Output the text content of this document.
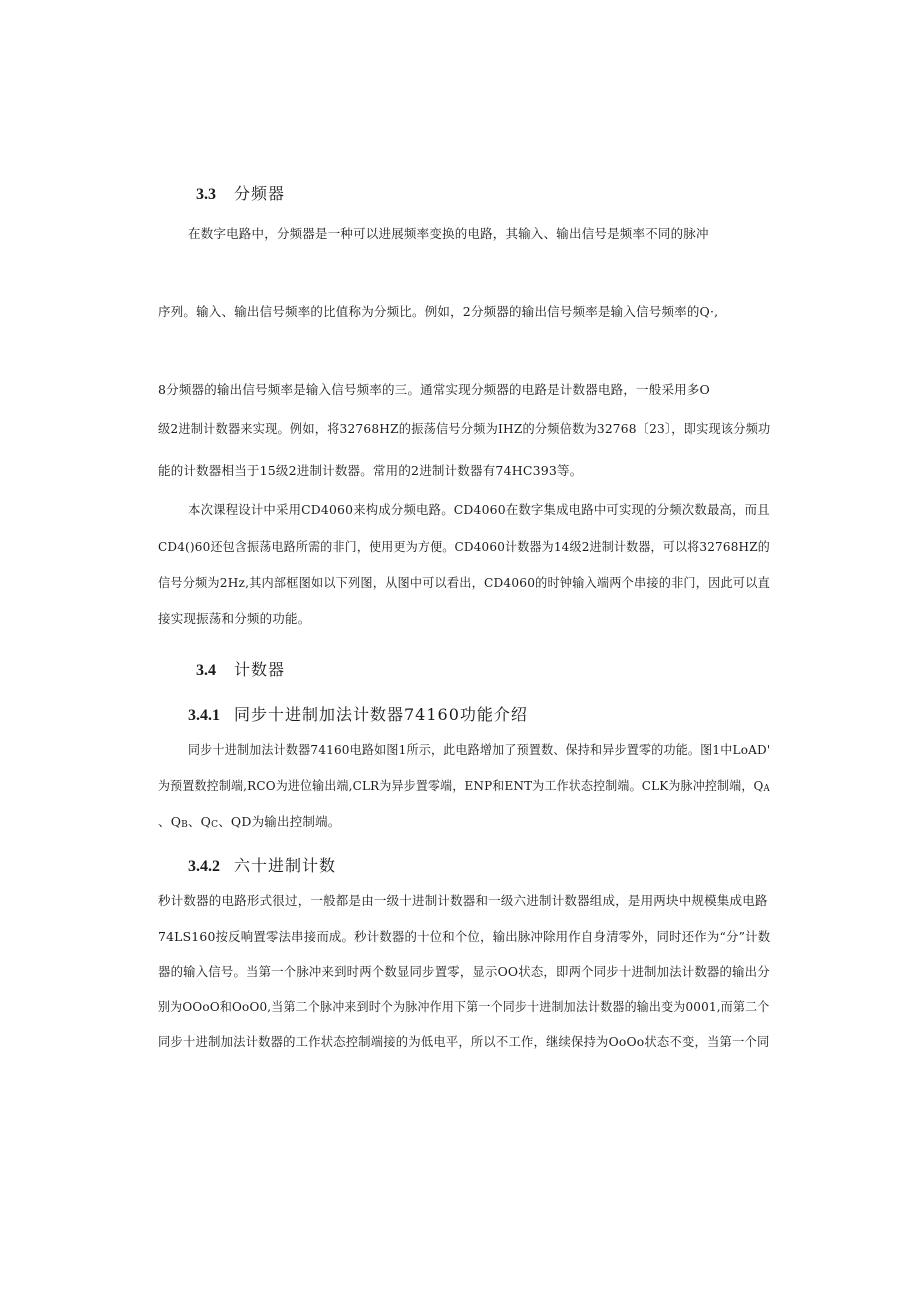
3.3 分频器
在数字电路中，分频器是一种可以进展频率变换的电路，其输入、输出信号是频率不同的脉冲
序列。输入、输出信号频率的比值称为分频比。例如，2分频器的输出信号频率是输入信号频率的Q·,
8分频器的输出信号频率是输入信号频率的三。通常实现分频器的电路是计数器电路，一般采用多O
级2进制计数器来实现。例如，将32768HZ的振荡信号分频为IHZ的分频倍数为32768〔23〕，即实现该分频功
能的计数器相当于15级2进制计数器。常用的2进制计数器有74HC393等。
本次课程设计中采用CD4060来构成分频电路。CD4060在数字集成电路中可实现的分频次数最高，而且
CD4()60还包含振荡电路所需的非门，使用更为方便。CD4060计数器为14级2进制计数器，可以将32768HZ的
信号分频为2Hz,其内部框图如以下列图，从图中可以看出，CD4060的时钟输入端两个串接的非门，因此可以直
接实现振荡和分频的功能。
3.4 计数器
3.4.1 同步十进制加法计数器74160功能介绍
同步十进制加法计数器74160电路如图1所示，此电路增加了预置数、保持和异步置零的功能。图1中LoAD'
为预置数控制端,RCO为进位输出端,CLR为异步置零端，ENP和ENT为工作状态控制端。CLK为脉冲控制端，QA
、QB、QC、QD为输出控制端。
3.4.2 六十进制计数
秒计数器的电路形式很过，一般都是由一级十进制计数器和一级六进制计数器组成，是用两块中规模集成电路
74LS160按反响置零法串接而成。秒计数器的十位和个位，输出脉冲除用作自身清零外，同时还作为“分”计数
器的输入信号。当第一个脉冲来到时两个数显同步置零，显示OO状态，即两个同步十进制加法计数器的输出分
别为OOoO和OoO0,当第二个脉冲来到时个为脉冲作用下第一个同步十进制加法计数器的输出变为0001,而第二个
同步十进制加法计数器的工作状态控制端接的为低电平，所以不工作，继续保持为OoOo状态不变，当第一个同
